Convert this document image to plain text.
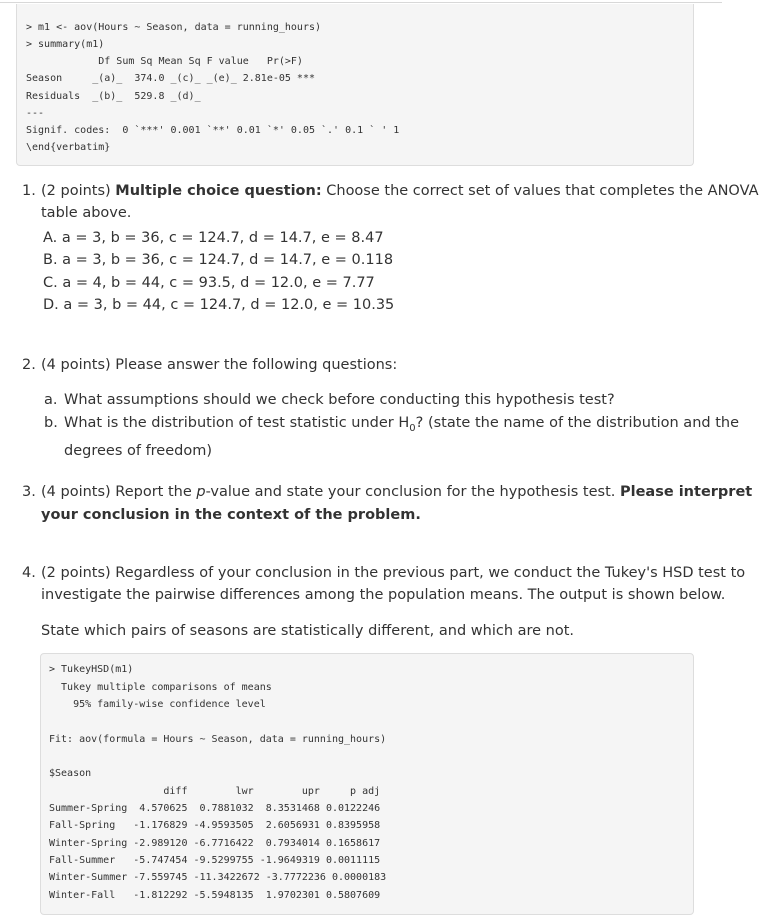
> m1 <- aov(Hours ~ Season, data = running_hours)
> summary(m1)
Df Sum Sq Mean Sq F value   Pr(>F)
Season     _(a)_  374.0 _(c)_ _(e)_ 2.81e-05 ***
Residuals  _(b)_  529.8 _(d)_
---
Signif. codes:  0 `***' 0.001 `**' 0.01 `*' 0.05 `.' 0.1 ` ' 1
\end{verbatim}
1. (2 points) Multiple choice question: Choose the correct set of values that completes the ANOVA
table above.
A. a = 3, b = 36, c = 124.7, d = 14.7, e = 8.47
B. a = 3, b = 36, c = 124.7, d = 14.7, e = 0.118
C. a = 4, b = 44, c = 93.5, d = 12.0, e = 7.77
D. a = 3, b = 44, c = 124.7, d = 12.0, e = 10.35
2. (4 points) Please answer the following questions:
a. What assumptions should we check before conducting this hypothesis test?
b. What is the distribution of test statistic under $H_0$? (state the name of the distribution and the
degrees of freedom)
3. (4 points) Report the p-value and state your conclusion for the hypothesis test. Please interpret
your conclusion in the context of the problem.
4. (2 points) Regardless of your conclusion in the previous part, we conduct the Tukey's HSD test to
investigate the pairwise differences among the population means. The output is shown below.
State which pairs of seasons are statistically different, and which are not.
> TukeyHSD(m1)
Tukey multiple comparisons of means
95% family-wise confidence level
Fit: aov(formula = Hours ~ Season, data = running_hours)
$Season
diff        lwr        upr     p adj
Summer-Spring  4.570625  0.7881032  8.3531468 0.0122246
Fall-Spring   -1.176829 -4.9593505  2.6056931 0.8395958
Winter-Spring -2.989120 -6.7716422  0.7934014 0.1658617
Fall-Summer   -5.747454 -9.5299755 -1.9649319 0.0011115
Winter-Summer -7.559745 -11.3422672 -3.7772236 0.0000183
Winter-Fall   -1.812292 -5.5948135  1.9702301 0.5807609
